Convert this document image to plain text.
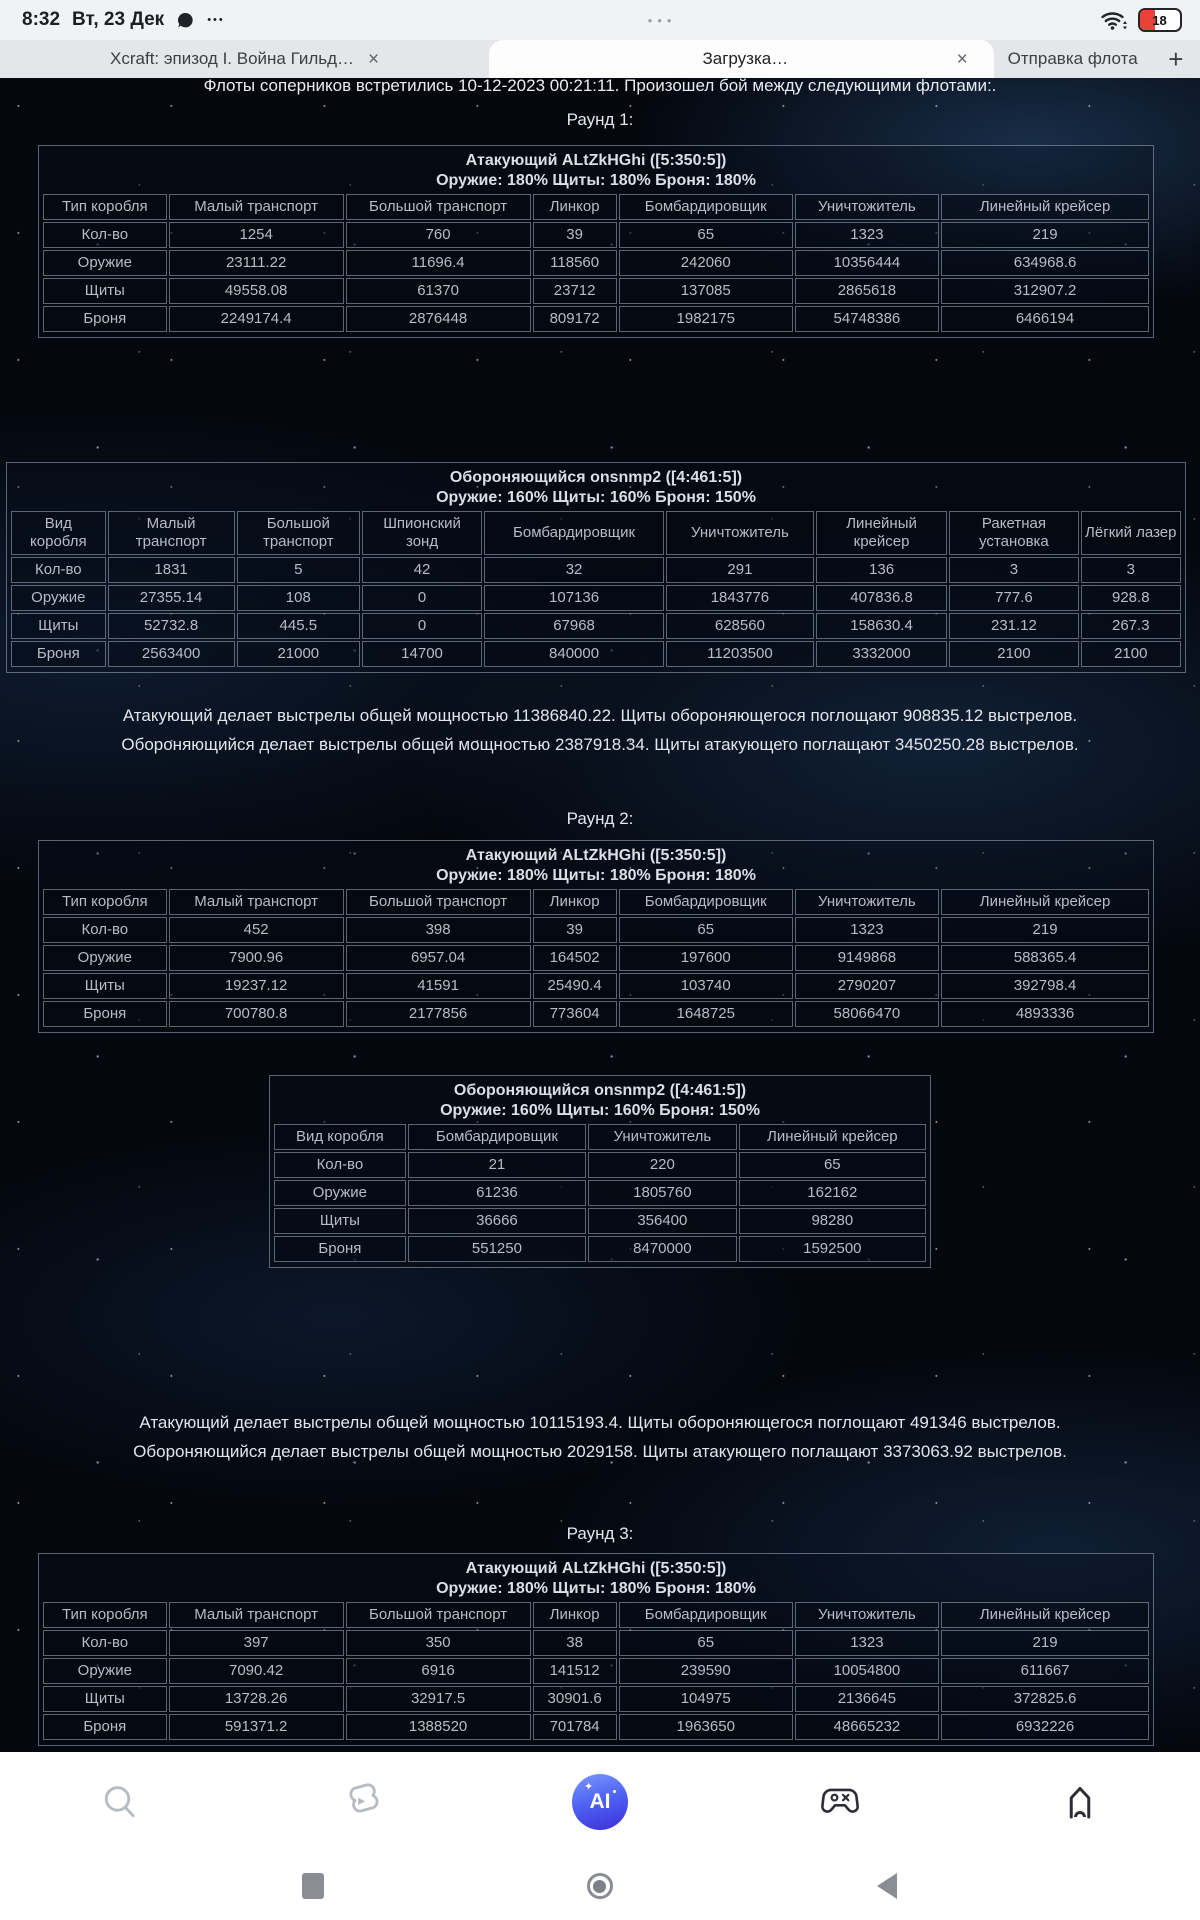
8:32 Вт, 23 Дек	•••	•••	18
Xcraft: эпизод I. Война Гильд… ×	Загрузка…	× Отправка флота	+

Флоты соперников встретились 10-12-2023 00:21:11. Произошел бой между следующими флотами:.

Раунд 1:
Атакующий ALtZkHGhi ([5:350:5])
Оружие: 180% Щиты: 180% Броня: 180%
Тип коробля	Малый транспорт	Большой транспорт	Линкор	Бомбардировщик	Уничтожитель	Линейный крейсер
Кол-во	1254	760	39	65	1323	219
Оружие	23111.22	11696.4	118560	242060	10356444	634968.6
Щиты	49558.08	61370	23712	137085	2865618	312907.2
Броня	2249174.4	2876448	809172	1982175	54748386	6466194
Обороняющийся onsnmp2 ([4:461:5])
Оружие: 160% Щиты: 160% Броня: 150%
Вид коробля	Малый транспорт	Большой транспорт	Шпионский зонд	Бомбардировщик	Уничтожитель	Линейный крейсер	Ракетная установка	Лёгкий лазер
Кол-во	1831	5	42	32	291	136	3	3
Оружие	27355.14	108	0	107136	1843776	407836.8	777.6	928.8
Щиты	52732.8	445.5	0	67968	628560	158630.4	231.12	267.3
Броня	2563400	21000	14700	840000	11203500	3332000	2100	2100

Атакующий делает выстрелы общей мощностью 11386840.22. Щиты обороняющегося поглощают 908835.12 выстрелов.

Обороняющийся делает выстрелы общей мощностью 2387918.34. Щиты атакующего поглащают 3450250.28 выстрелов.

Раунд 2:
Атакующий ALtZkHGhi ([5:350:5])
Оружие: 180% Щиты: 180% Броня: 180%
Тип коробля	Малый транспорт	Большой транспорт	Линкор	Бомбардировщик	Уничтожитель	Линейный крейсер
Кол-во	452	398	39	65	1323	219
Оружие	7900.96	6957.04	164502	197600	9149868	588365.4
Щиты	19237.12	41591	25490.4	103740	2790207	392798.4
Броня	700780.8	2177856	773604	1648725	58066470	4893336
Обороняющийся onsnmp2 ([4:461:5])
Оружие: 160% Щиты: 160% Броня: 150%
Вид коробля	Бомбардировщик	Уничтожитель	Линейный крейсер
Кол-во	21	220	65
Оружие	61236	1805760	162162
Щиты	36666	356400	98280
Броня	551250	8470000	1592500

Атакующий делает выстрелы общей мощностью 10115193.4. Щиты обороняющегося поглощают 491346 выстрелов.

Обороняющийся делает выстрелы общей мощностью 2029158. Щиты атакующего поглащают 3373063.92 выстрелов.

Раунд 3:
Атакующий ALtZkHGhi ([5:350:5])
Оружие: 180% Щиты: 180% Броня: 180%
Тип коробля	Малый транспорт	Большой транспорт	Линкор	Бомбардировщик	Уничтожитель	Линейный крейсер
Кол-во	397	350	38	65	1323	219
Оружие	7090.42	6916	141512	239590	10054800	611667
Щиты	13728.26	32917.5	30901.6	104975	2136645	372825.6
Броня	591371.2	1388520	701784	1963650	48665232	6932226
✦
AI
